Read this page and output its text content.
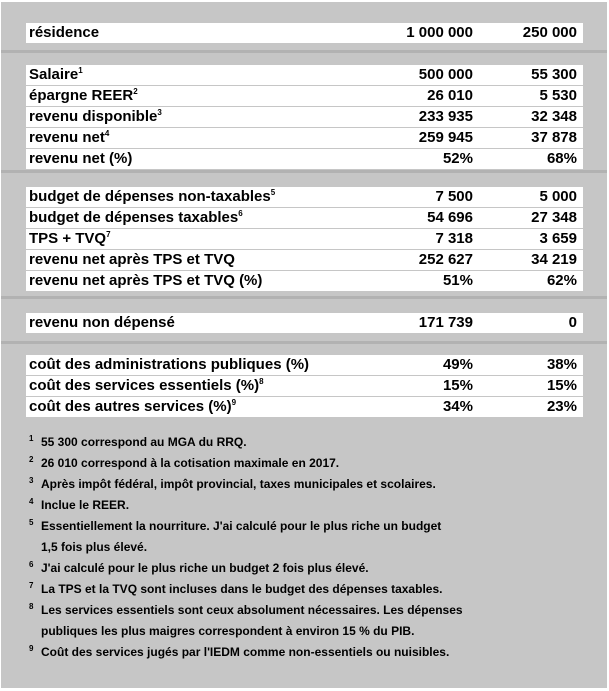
résidence	1 000 000	250 000
Salaire$^1$	500 000	55 300
épargne REER$^2$	26 010	5 530
revenu disponible$^3$	233 935	32 348
revenu net$^4$	259 945	37 878
revenu net (%)	52%	68%
budget de dépenses non-taxables$^5$	7 500	5 000
budget de dépenses taxables$^6$	54 696	27 348
TPS + $TVQ^7$	7 318	3 659
revenu net après TPS et TVQ	252 627	34 219
revenu net après TPS et TVQ (%)	51%	62%
revenu non dépensé	171 739	0
coût des administrations publiques (%)	49%	38%
coût des services essentiels (%)$^8$	15%	15%
coût des autres services (%)$^9$	34%	23%
$^1$ 55 300 correspond au MGA du RRQ.
$^2$ 26 010 correspond à la cotisation maximale en 2017.
$^3$ Après impôt fédéral, impôt provincial, taxes municipales et scolaires.
$^4$ Inclue le REER.
$^5$ Essentiellement la nourriture. J'ai calculé pour le plus riche un budget
1,5 fois plus élevé.
$^6$ J'ai calculé pour le plus riche un budget 2 fois plus élevé.
$^7$ La TPS et la TVQ sont incluses dans le budget des dépenses taxables.
$^8$ Les services essentiels sont ceux absolument nécessaires. Les dépenses
publiques les plus maigres correspondent à environ 15 % du PIB.
$^9$ Coût des services jugés par l'IEDM comme non-essentiels ou nuisibles.
